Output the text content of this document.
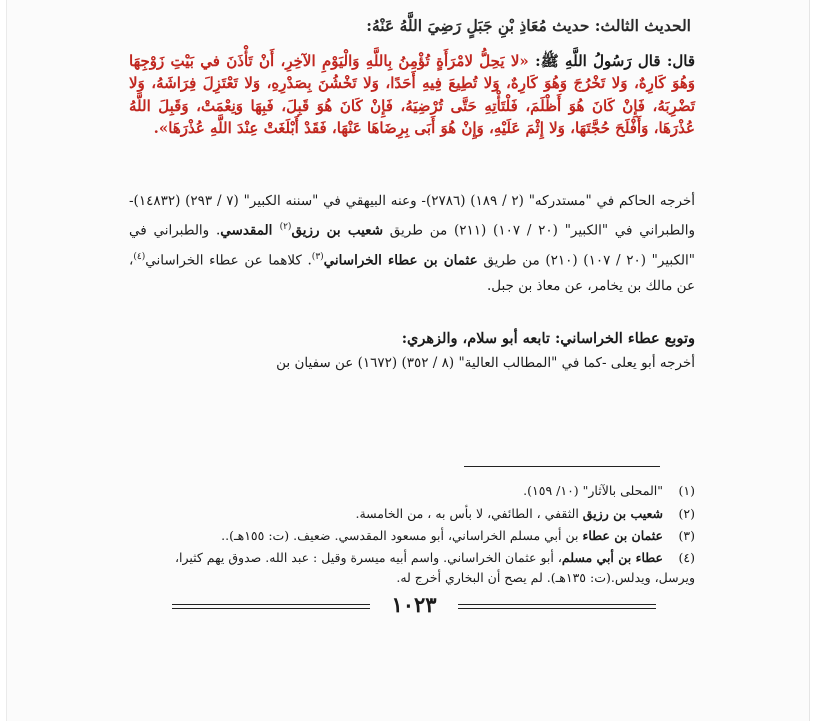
الحديث الثالث: حديث مُعَاذِ بْنِ جَبَلٍ رَضِيَ اللَّهُ عَنْهُ:
قال: قال رَسُولُ اللَّهِ ﷺ: «لا يَحِلُّ لامْرَأَةٍ تُؤْمِنُ بِاللَّهِ وَالْيَوْمِ الآخِرِ، أَنْ تَأْذَنَ في بَيْتِ زَوْجِهَا وَهُوَ كَارِهٌ، وَلا تَخْرُجَ وَهُوَ كَارِهٌ، وَلا تُطِيعَ فِيهِ أَحَدًا، وَلا تَخْشُنَ بِصَدْرِهِ، وَلا تَعْتَزِلَ فِرَاشَهُ، وَلا تَضْرِبَهُ، فَإِنْ كَانَ هُوَ أَظْلَمَ، فَلْتَأْتِهِ حَتَّى تُرْضِيَهُ، فَإِنْ كَانَ هُوَ قَبِلَ، فَبِهَا وَنِعْمَتْ، وَقَبِلَ اللَّهُ عُذْرَهَا، وَأَفْلَحَ حُجَّتَهَا، وَلا إِثْمَ عَلَيْهِ، وَإِنْ هُوَ أَبَى بِرِضَاهَا عَنْهَا، فَقَدْ أَبْلَغَتْ عِنْدَ اللَّهِ عُذْرَهَا».
أخرجه الحاكم في "مستدركه" (٢ / ١٨٩) (٢٧٨٦)- وعنه البيهقي في "سننه الكبير" (٧ / ٢٩٣) (١٤٨٣٢)- والطبراني في "الكبير" (٢٠ / ١٠٧) (٢١١) من طريق شعيب بن رزيق$^{(٢)}$ المقدسي. والطبراني في "الكبير" (٢٠ / ١٠٧) (٢١٠) من طريق عثمان بن عطاء الخراساني$^{(٣)}$. كلاهما عن عطاء الخراساني$^{(٤)}$، عن مالك بن يخامر، عن معاذ بن جبل.
وتوبع عطاء الخراساني: تابعه أبو سلام، والزهري:
أخرجه أبو يعلى -كما في "المطالب العالية" (٨ / ٣٥٢) (١٦٧٢) عن سفيان بن
(١)"المحلى بالآثار" (١٠/ ١٥٩).
(٢)شعيب بن رزيق الثقفي ، الطائفي، لا بأس به ، من الخامسة.
(٣)عثمان بن عطاء بن أبي مسلم الخراساني، أبو مسعود المقدسي. ضعيف. (ت: ١٥٥هـ)..
(٤)عطاء بن أبي مسلم، أبو عثمان الخراساني. واسم أبيه ميسرة وقيل : عبد الله. صدوق يهم كثيرا،
ويرسل، ويدلس.(ت: ١٣٥هـ). لم يصح أن البخاري أخرج له.
١٠٢٣
